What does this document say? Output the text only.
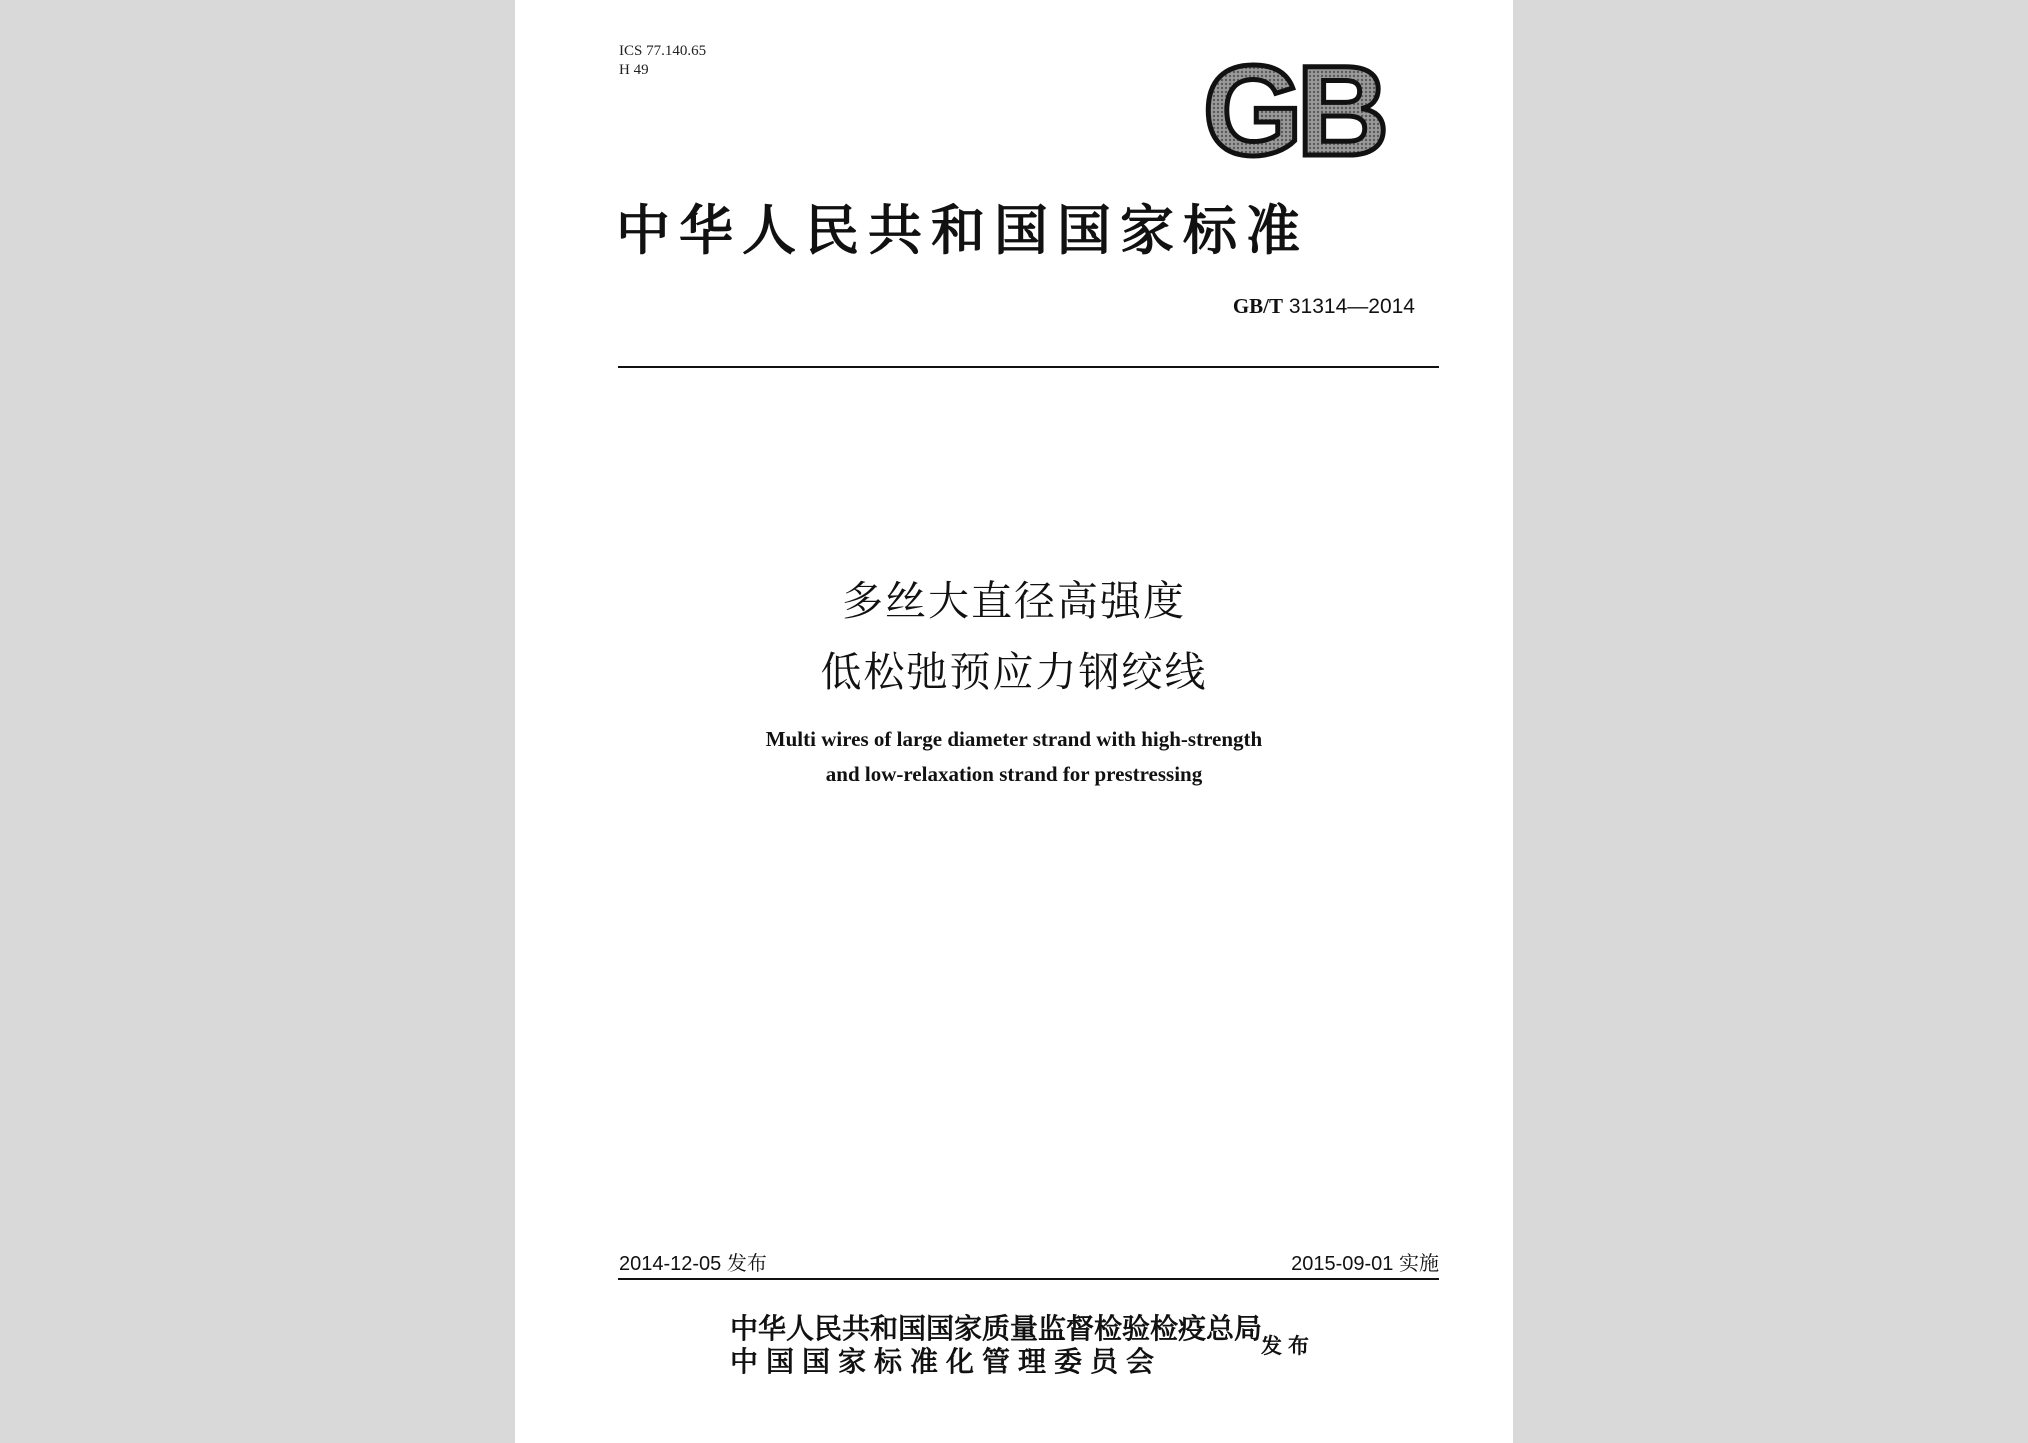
ICS 77.140.65
H 49	GB
中华人民共和国国家标准
GB/T 31314—2014
多丝大直径高强度
低松弛预应力钢绞线
Multi wires of large diameter strand with high-strength
and low-relaxation strand for prestressing
2014-12-05 发布	2015-09-01 实施
中华人民共和国国家质量监督检验检疫总局
中国国家标准化管理委员会	发布
